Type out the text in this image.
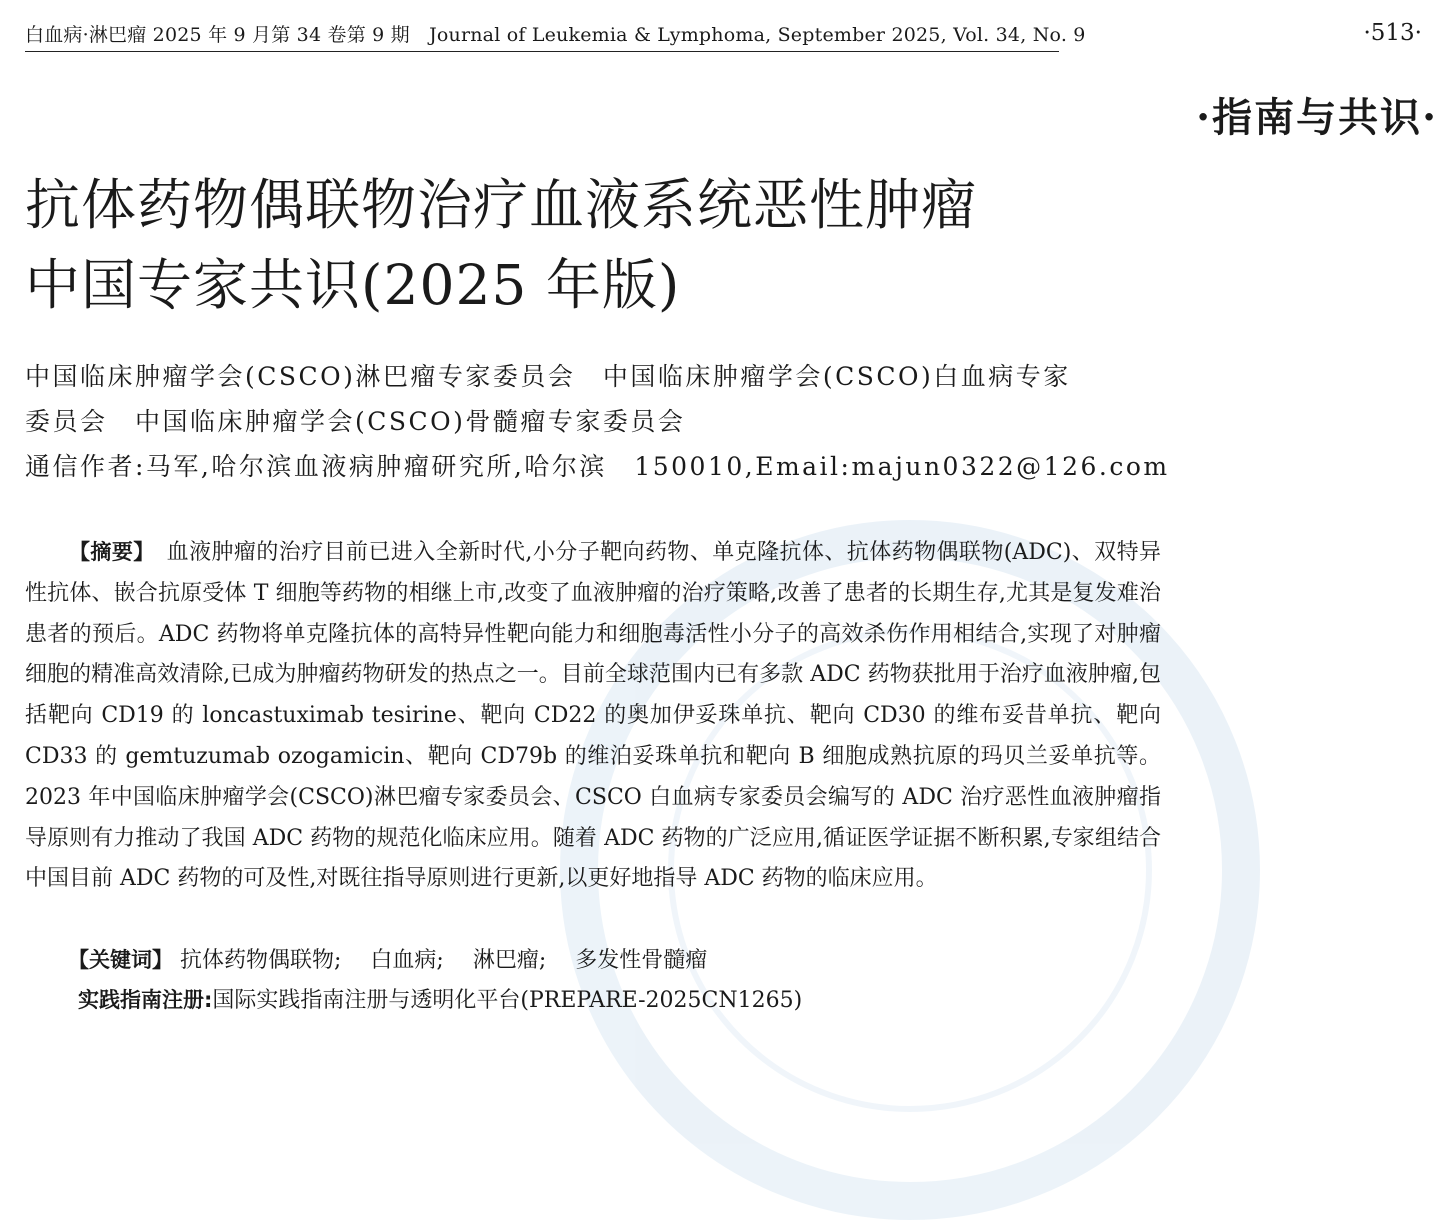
白血病·淋巴瘤 2025 年 9 月第 34 卷第 9 期　Journal of Leukemia & Lymphoma, September 2025, Vol. 34, No. 9	·513·
·指南与共识·
抗体药物偶联物治疗血液系统恶性肿瘤
中国专家共识(2025 年版)
中国临床肿瘤学会(CSCO)淋巴瘤专家委员会　中国临床肿瘤学会(CSCO)白血病专家
委员会　中国临床肿瘤学会(CSCO)骨髓瘤专家委员会
通信作者:马军,哈尔滨血液病肿瘤研究所,哈尔滨　150010,Email:majun0322@126.com

【摘要】　 血液肿瘤的治疗目前已进入全新时代,小分子靶向药物、单克隆抗体、抗体药物偶联物(ADC)、双特异性抗体、嵌合抗原受体 T 细胞等药物的相继上市,改变了血液肿瘤的治疗策略,改善了患者的长期生存,尤其是复发难治患者的预后。ADC 药物将单克隆抗体的高特异性靶向能力和细胞毒活性小分子的高效杀伤作用相结合,实现了对肿瘤细胞的精准高效清除,已成为肿瘤药物研发的热点之一。目前全球范围内已有多款 ADC 药物获批用于治疗血液肿瘤,包括靶向 CD19 的 loncastuximab tesirine、靶向 CD22 的奥加伊妥珠单抗、靶向 CD30 的维布妥昔单抗、靶向 CD33 的 gemtuzumab ozogamicin、靶向 CD79b 的维泊妥珠单抗和靶向 B 细胞成熟抗原的玛贝兰妥单抗等。2023 年中国临床肿瘤学会(CSCO)淋巴瘤专家委员会、CSCO 白血病专家委员会编写的 ADC 治疗恶性血液肿瘤指导原则有力推动了我国 ADC 药物的规范化临床应用。随着 ADC 药物的广泛应用,循证医学证据不断积累,专家组结合中国目前 ADC 药物的可及性,对既往指导原则进行更新,以更好地指导 ADC 药物的临床应用。

【关键词】 抗体药物偶联物; 白血病; 淋巴瘤; 多发性骨髓瘤
实践指南注册:国际实践指南注册与透明化平台(PREPARE-2025CN1265)
